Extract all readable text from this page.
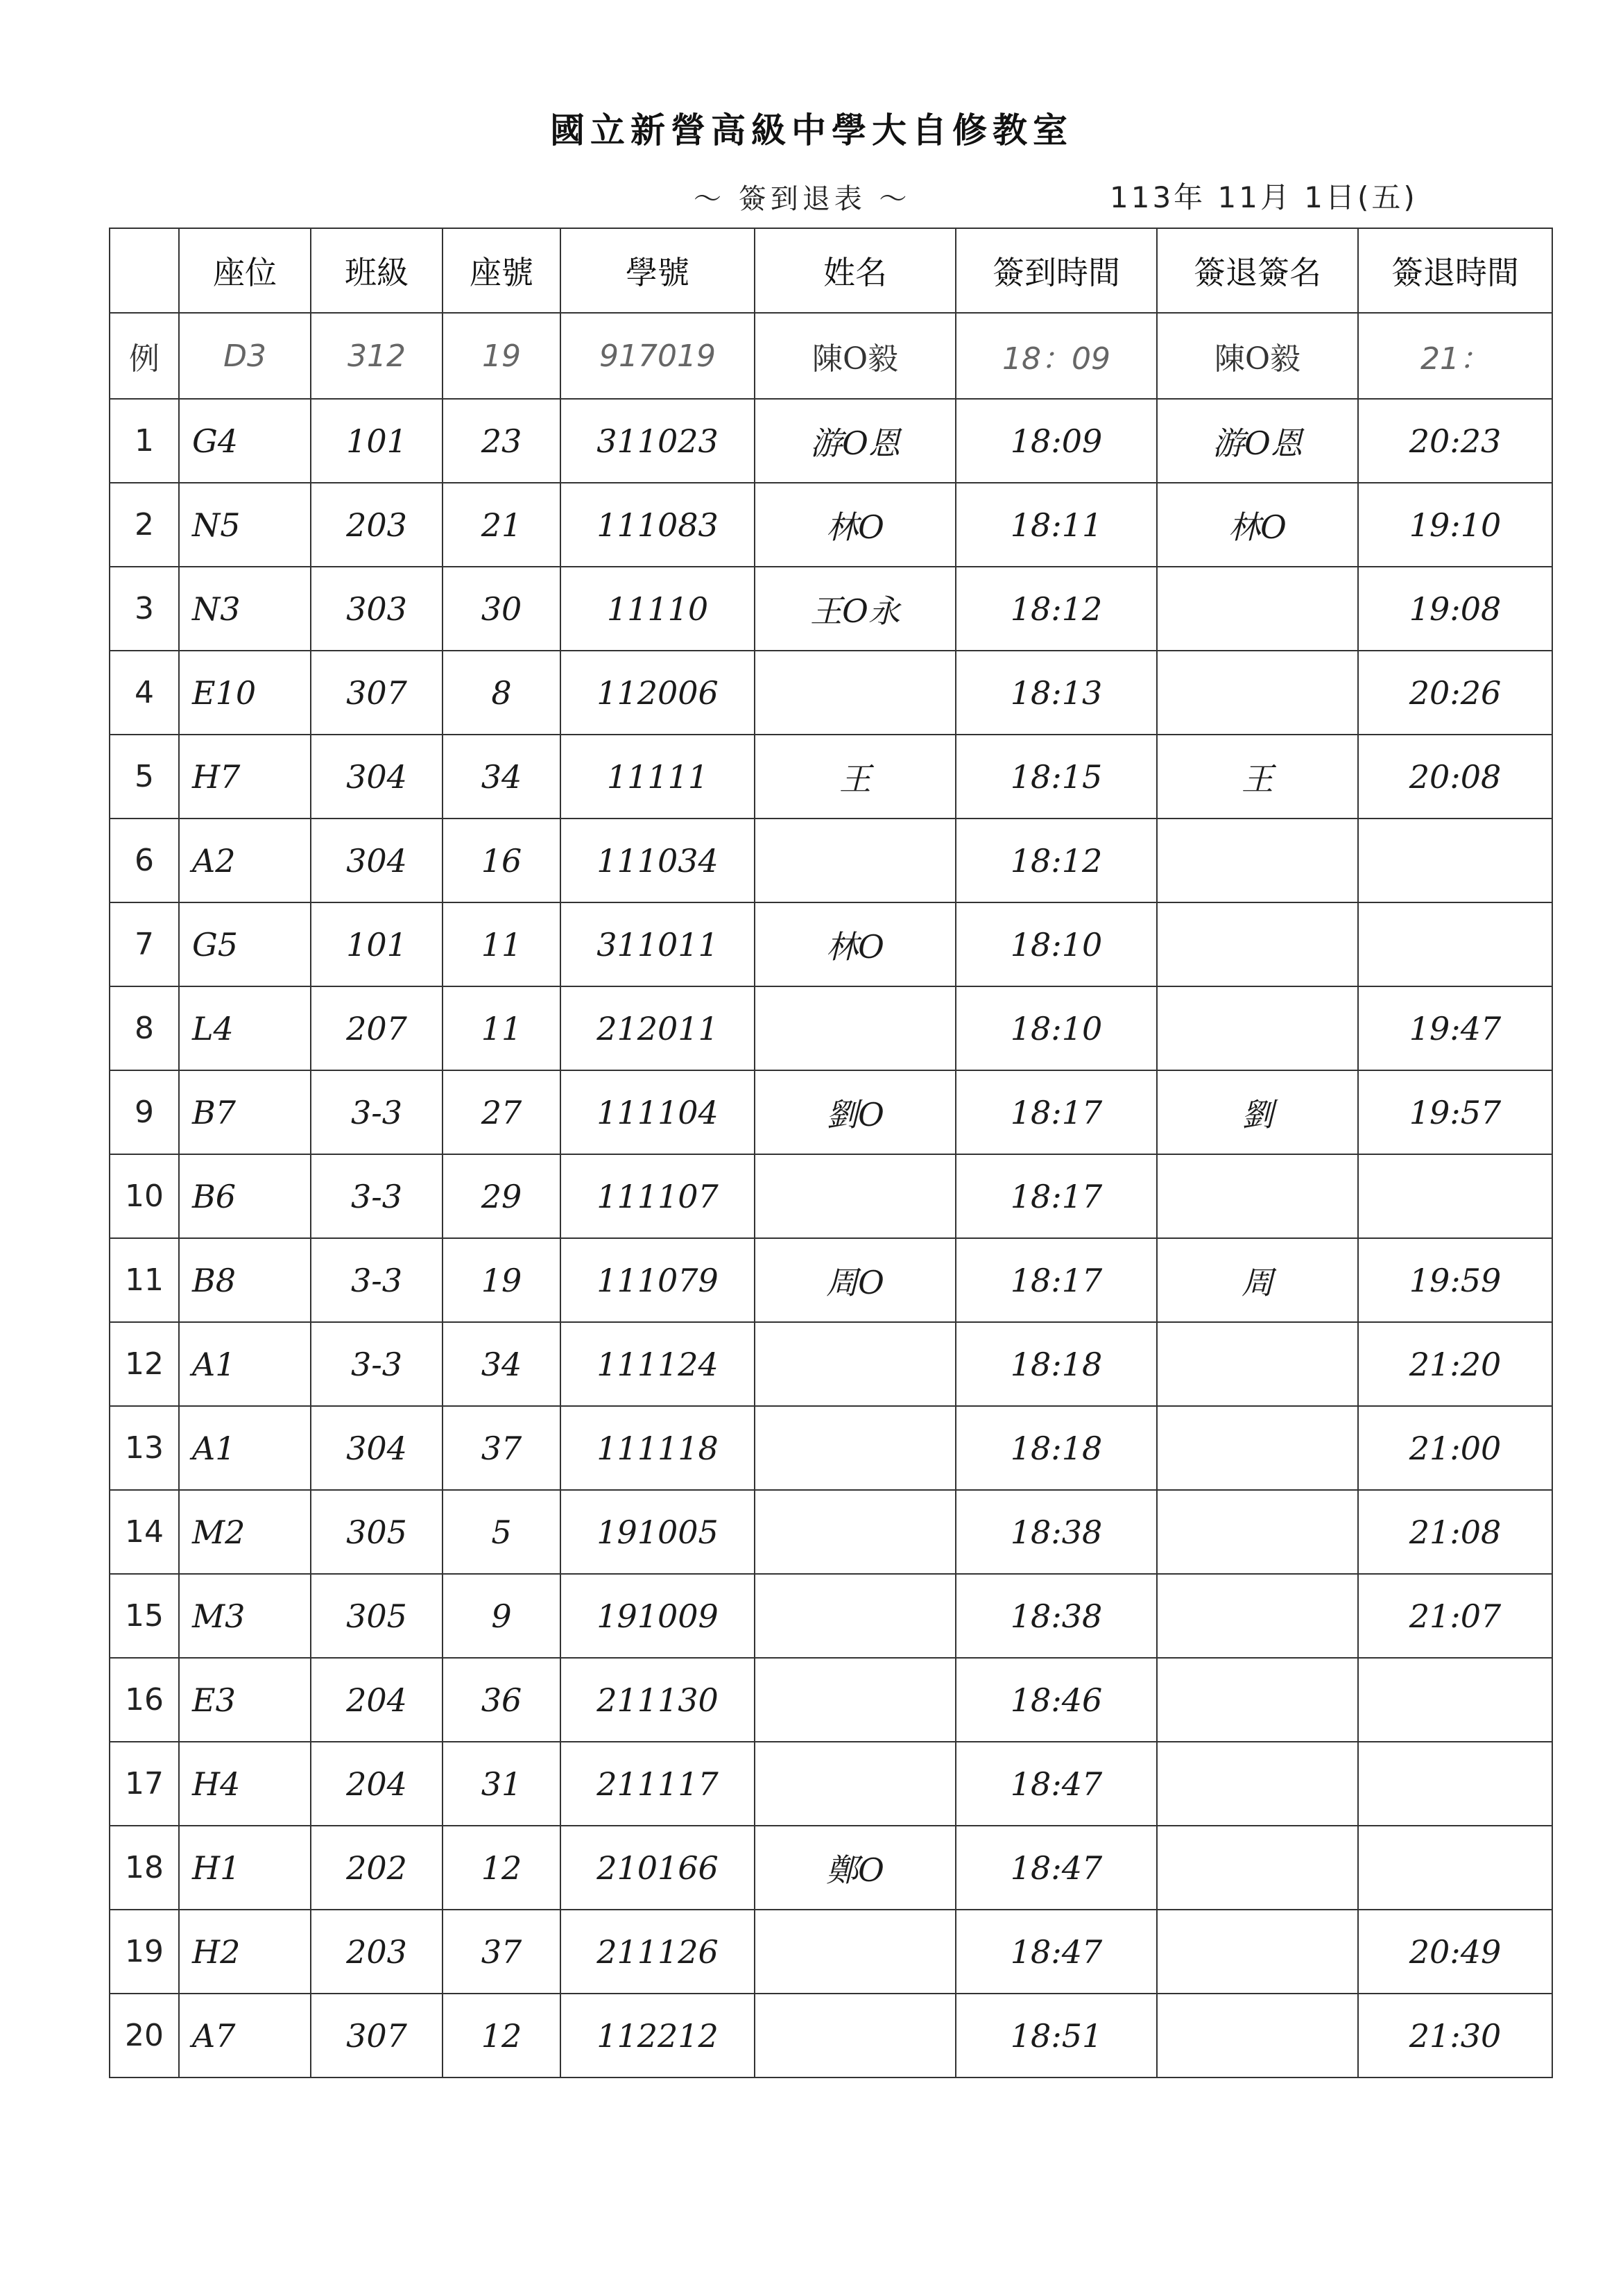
國立新營高級中學大自修教室
～ 簽到退表 ～	113年 11月 1日(五)
	座位	班級	座號	學號	姓名	簽到時間	簽退簽名	簽退時間
例	D3	312	19	917019	陳O毅	18：09	陳O毅	21：
1	G4	101	23	311023	游O恩	18:09	游O恩	20:23
2	N5	203	21	111083	林O	18:11	林O	19:10
3	N3	303	30	11110	王O永	18:12		19:08
4	E10	307	8	112006		18:13		20:26
5	H7	304	34	11111	王	18:15	王	20:08
6	A2	304	16	111034		18:12		
7	G5	101	11	311011	林O	18:10		
8	L4	207	11	212011		18:10		19:47
9	B7	3-3	27	111104	劉O	18:17	劉	19:57
10	B6	3-3	29	111107		18:17		
11	B8	3-3	19	111079	周O	18:17	周	19:59
12	A1	3-3	34	111124		18:18		21:20
13	A1	304	37	111118		18:18		21:00
14	M2	305	5	191005		18:38		21:08
15	M3	305	9	191009		18:38		21:07
16	E3	204	36	211130		18:46		
17	H4	204	31	211117		18:47		
18	H1	202	12	210166	鄭O	18:47		
19	H2	203	37	211126		18:47		20:49
20	A7	307	12	112212		18:51		21:30
